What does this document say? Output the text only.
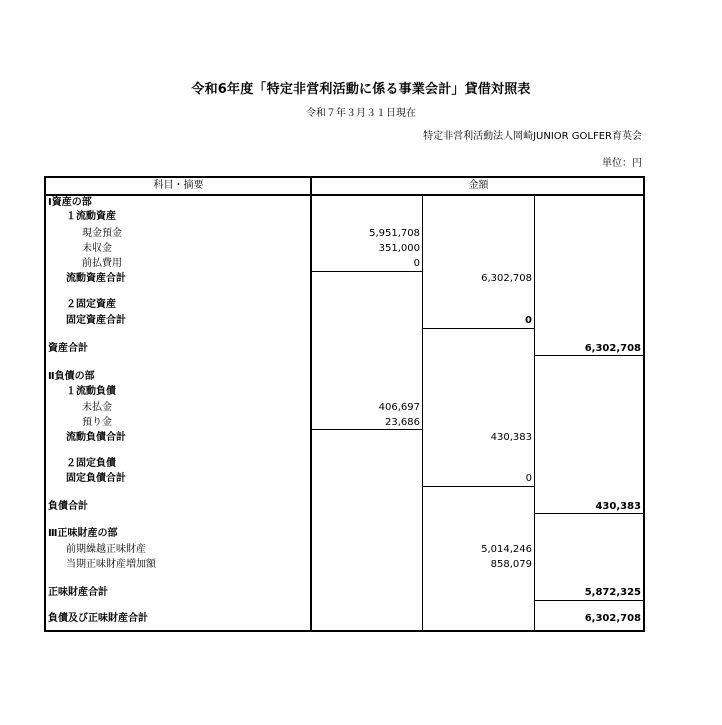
令和6年度「特定非営利活動に係る事業会計」貸借対照表
令和７年３月３１日現在
特定非営利活動法人岡崎JUNIOR GOLFER育英会
単位：円
科目・摘要	金額
Ⅰ資産の部
１流動資産
現金預金	5,951,708
未収金	351,000
前払費用	0
流動資産合計	6,302,708
２固定資産
固定資産合計	0
資産合計	6,302,708
Ⅱ負債の部
１流動負債
未払金	406,697
預り金	23,686
流動負債合計	430,383
２固定負債
固定負債合計	0
負債合計	430,383
Ⅲ正味財産の部
前期繰越正味財産	5,014,246
当期正味財産増加額	858,079
正味財産合計	5,872,325
負債及び正味財産合計	6,302,708
